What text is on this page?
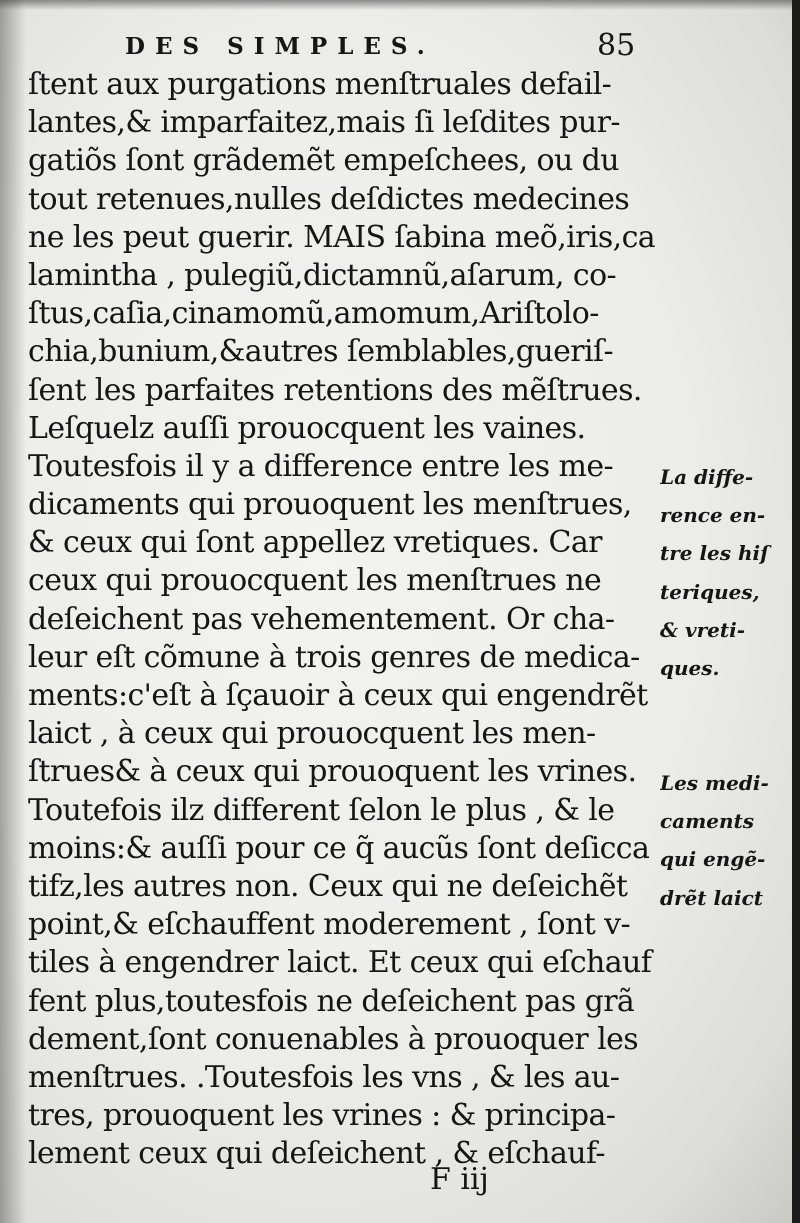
DES SIMPLES.	85
ſtent aux purgations menſtruales defail-
lantes,& imparfaitez,mais ſi leſdites pur-
gatiõs ſont grãdemẽt empeſchees, ou du
tout retenues,nulles deſdictes medecines
ne les peut guerir. MAIS ſabina meõ,iris,ca
lamintha , pulegiũ,dictamnũ,aſarum, co-
ſtus,caſia,cinamomũ,amomum,Ariſtolo-
chia,bunium,&autres ſemblables,gueriſ-
ſent les parfaites retentions des mẽſtrues.
Leſquelz auſſi prouocquent les vaines.
Toutesfois il y a difference entre les me-
dicaments qui prouoquent les menſtrues,
& ceux qui ſont appellez vretiques. Car
ceux qui prouocquent les menſtrues ne
deſeichent pas vehementement. Or cha-
leur eſt cõmune à trois genres de medica-
ments:c'eſt à ſçauoir à ceux qui engendrẽt
laict , à ceux qui prouocquent les men-
ſtrues& à ceux qui prouoquent les vrines.
Toutefois ilz different ſelon le plus , & le
moins:& auſſi pour ce q̃ aucũs ſont deſicca
tifz,les autres non. Ceux qui ne deſeichẽt
point,& eſchauffent moderement , ſont v-
tiles à engendrer laict. Et ceux qui eſchauf
fent plus,toutesfois ne deſeichent pas grã
dement,ſont conuenables à prouoquer les
menſtrues. .Toutesfois les vns , & les au-
tres, prouoquent les vrines : & principa-
lement ceux qui deſeichent , & eſchauf-
La diffe-
rence en-
tre les hiſ
teriques,
& vreti-
ques.
Les medi-
caments
qui engẽ-
drẽt laict
F iij
